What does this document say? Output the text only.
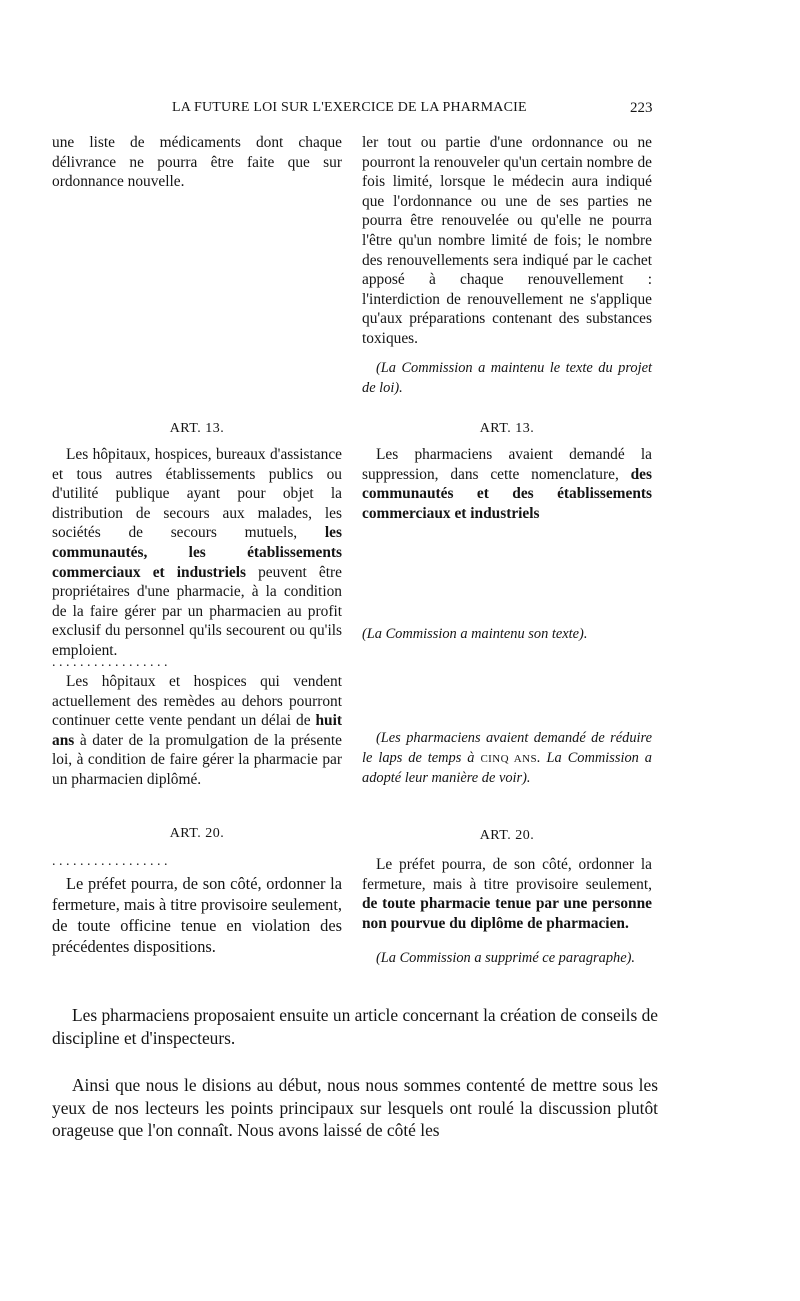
LA FUTURE LOI SUR L'EXERCICE DE LA PHARMACIE	223
une liste de médicaments dont chaque délivrance ne pourra être faite que sur ordonnance nouvelle.
ART. 13.
Les hôpitaux, hospices, bureaux d'assistance et tous autres établissements publics ou d'utilité publique ayant pour objet la distribution de secours aux malades, les sociétés de secours mutuels, les communautés, les établissements commerciaux et industriels peuvent être propriétaires d'une pharmacie, à la condition de la faire gérer par un pharmacien au profit exclusif du personnel qu'ils secourent ou qu'ils emploient.
. . . . . . . . . . . . . . . . .
Les hôpitaux et hospices qui vendent actuellement des remèdes au dehors pourront continuer cette vente pendant un délai de huit ans à dater de la promulgation de la présente loi, à condition de faire gérer la pharmacie par un pharmacien diplômé.
ART. 20.
. . . . . . . . . . . . . . . . .
Le préfet pourra, de son côté, ordonner la fermeture, mais à titre provisoire seulement, de toute officine tenue en violation des précédentes dispositions.
ler tout ou partie d'une ordonnance ou ne pourront la renouveler qu'un certain nombre de fois limité, lorsque le médecin aura indiqué que l'ordonnance ou une de ses parties ne pourra être renouvelée ou qu'elle ne pourra l'être qu'un nombre limité de fois; le nombre des renouvellements sera indiqué par le cachet apposé à chaque renouvellement : l'interdiction de renouvellement ne s'applique qu'aux préparations contenant des substances toxiques.
(La Commission a maintenu le texte du projet de loi).
ART. 13.
Les pharmaciens avaient demandé la suppression, dans cette nomenclature, des communautés et des établissements commerciaux et industriels
(La Commission a maintenu son texte).
(Les pharmaciens avaient demandé de réduire le laps de temps à CINQ ANS. La Commission a adopté leur manière de voir).
ART. 20.
Le préfet pourra, de son côté, ordonner la fermeture, mais à titre provisoire seulement, de toute pharmacie tenue par une personne non pourvue du diplôme de pharmacien.
(La Commission a supprimé ce paragraphe).
Les pharmaciens proposaient ensuite un article concernant la création de conseils de discipline et d'inspecteurs.
Ainsi que nous le disions au début, nous nous sommes contenté de mettre sous les yeux de nos lecteurs les points principaux sur lesquels ont roulé la discussion plutôt orageuse que l'on connaît. Nous avons laissé de côté les
